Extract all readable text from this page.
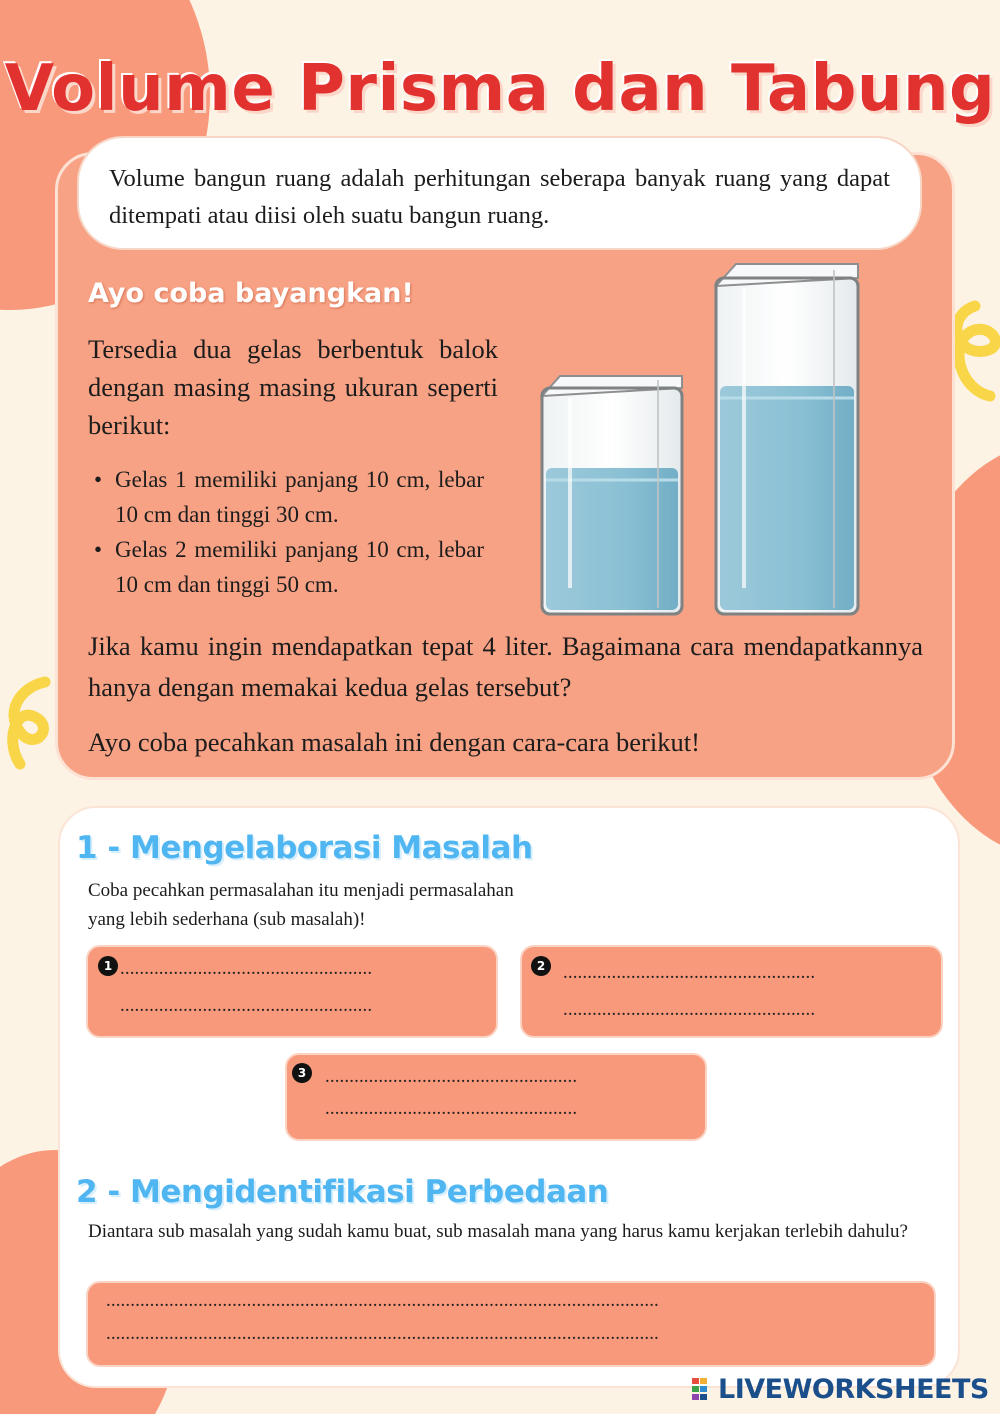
Volume Prisma dan Tabung

Volume bangun ruang adalah perhitungan seberapa banyak ruang yang dapat ditempati atau diisi oleh suatu bangun ruang.

Ayo coba bayangkan!

Tersedia dua gelas berbentuk balok dengan masing masing ukuran seperti berikut:

• Gelas 1 memiliki panjang 10 cm, lebar 10 cm dan tinggi 30 cm.
• Gelas 2 memiliki panjang 10 cm, lebar 10 cm dan tinggi 50 cm.

Jika kamu ingin mendapatkan tepat 4 liter. Bagaimana cara mendapatkannya hanya dengan memakai kedua gelas tersebut?

Ayo coba pecahkan masalah ini dengan cara-cara berikut!

1 - Mengelaborasi Masalah

Coba pecahkan permasalahan itu menjadi permasalahan yang lebih sederhana (sub masalah)!

1 ....................................................
....................................................
2 ....................................................
....................................................
3 ....................................................
....................................................
2 - Mengidentifikasi Perbedaan

Diantara sub masalah yang sudah kamu buat, sub masalah mana yang harus kamu kerjakan terlebih dahulu?

..................................................................................................................
..................................................................................................................
LIVEWORKSHEETS
